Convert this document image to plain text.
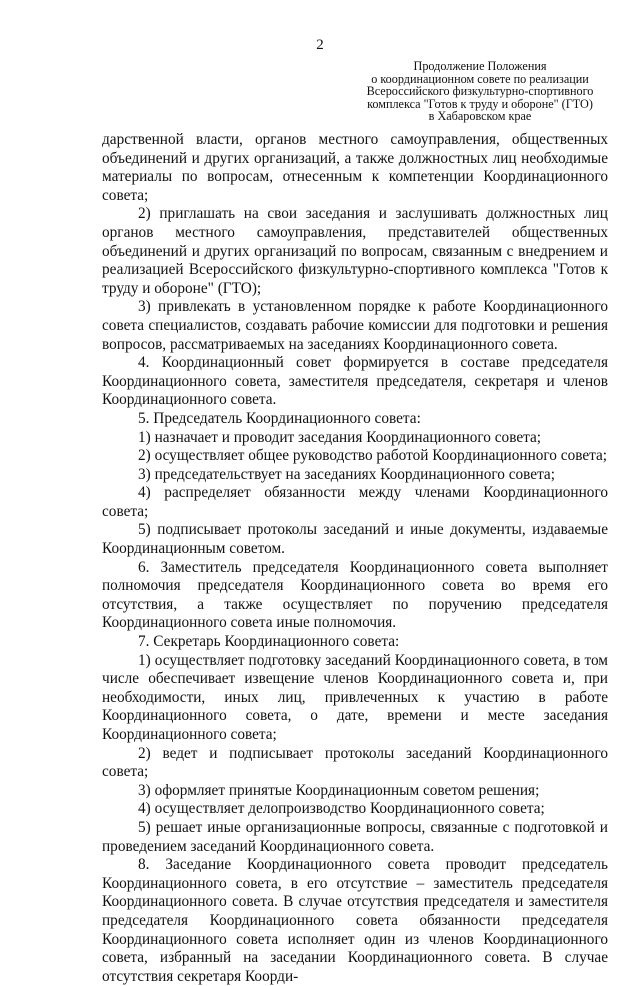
2
Продолжение Положения
о координационном совете по реализации
Всероссийского физкультурно-спортивного
комплекса "Готов к труду и обороне" (ГТО)
в Хабаровском крае

дарственной власти, органов местного самоуправления, общественных объединений и других организаций, а также должностных лиц необходимые материалы по вопросам, отнесенным к компетенции Координационного совета;

2) приглашать на свои заседания и заслушивать должностных лиц органов местного самоуправления, представителей общественных объединений и других организаций по вопросам, связанным с внедрением и реализацией Всероссийского физкультурно-спортивного комплекса "Готов к труду и обороне" (ГТО);

3) привлекать в установленном порядке к работе Координационного совета специалистов, создавать рабочие комиссии для подготовки и решения вопросов, рассматриваемых на заседаниях Координационного совета.

4. Координационный совет формируется в составе председателя Координационного совета, заместителя председателя, секретаря и членов Координационного совета.

5. Председатель Координационного совета:

1) назначает и проводит заседания Координационного совета;

2) осуществляет общее руководство работой Координационного совета;

3) председательствует на заседаниях Координационного совета;

4) распределяет обязанности между членами Координационного совета;

5) подписывает протоколы заседаний и иные документы, издаваемые Координационным советом.

6. Заместитель председателя Координационного совета выполняет полномочия председателя Координационного совета во время его отсутствия, а также осуществляет по поручению председателя Координационного совета иные полномочия.

7. Секретарь Координационного совета:

1) осуществляет подготовку заседаний Координационного совета, в том числе обеспечивает извещение членов Координационного совета и, при необходимости, иных лиц, привлеченных к участию в работе Координационного совета, о дате, времени и месте заседания Координационного совета;

2) ведет и подписывает протоколы заседаний Координационного совета;

3) оформляет принятые Координационным советом решения;

4) осуществляет делопроизводство Координационного совета;

5) решает иные организационные вопросы, связанные с подготовкой и проведением заседаний Координационного совета.

8. Заседание Координационного совета проводит председатель Координационного совета, в его отсутствие – заместитель председателя Координационного совета. В случае отсутствия председателя и заместителя председателя Координационного совета обязанности председателя Координационного совета исполняет один из членов Координационного совета, избранный на заседании Координационного совета. В случае отсутствия секретаря Коорди-
